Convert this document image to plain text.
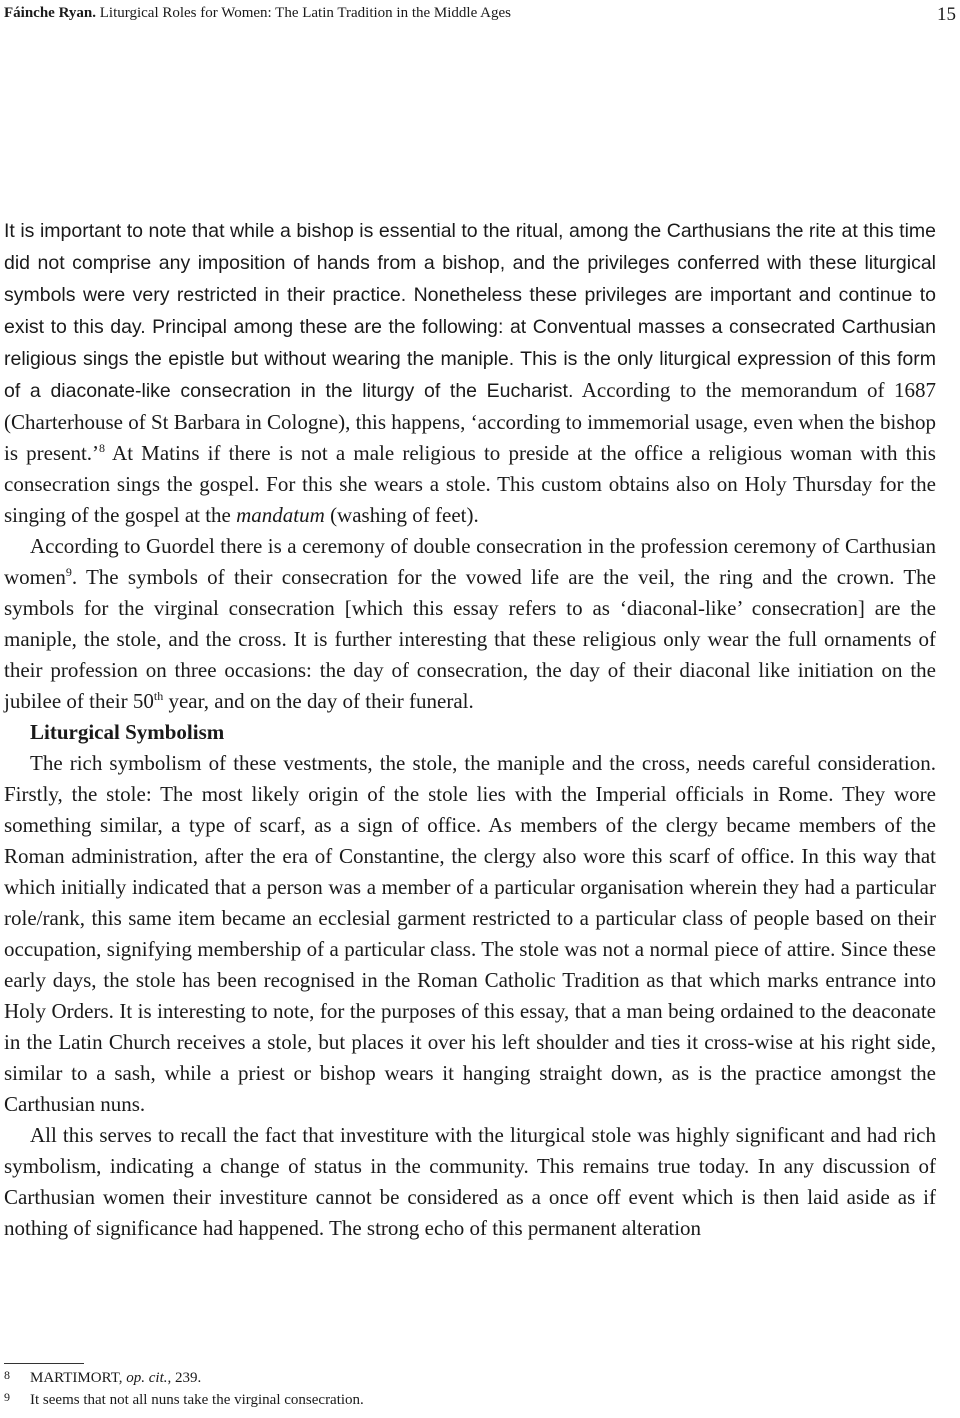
Fáinche Ryan. Liturgical Roles for Women: The Latin Tradition in the Middle Ages	15

It is important to note that while a bishop is essential to the ritual, among the Carthusians the rite at this time did not comprise any imposition of hands from a bishop, and the privileges conferred with these liturgical symbols were very restricted in their practice. Nonetheless these privileges are important and continue to exist to this day. Principal among these are the following: at Conventual masses a consecrated Carthusian religious sings the epistle but without wearing the maniple. This is the only liturgical expression of this form of a diaconate-like consecration in the liturgy of the Eucharist. According to the memorandum of 1687 (Charterhouse of St Barbara in Cologne), this happens, ‘according to immemorial usage, even when the bishop is present.’$^8$ At Matins if there is not a male religious to preside at the office a religious woman with this consecration sings the gospel. For this she wears a stole. This custom obtains also on Holy Thursday for the singing of the gospel at the mandatum (washing of feet).

According to Guordel there is a ceremony of double consecration in the profession ceremony of Carthusian women$^9$. The symbols of their consecration for the vowed life are the veil, the ring and the crown. The symbols for the virginal consecration [which this essay refers to as ‘diaconal-like’ consecration] are the maniple, the stole, and the cross. It is further interesting that these religious only wear the full ornaments of their profession on three occasions: the day of consecration, the day of their diaconal like initiation on the jubilee of their 50th year, and on the day of their funeral.

Liturgical Symbolism

The rich symbolism of these vestments, the stole, the maniple and the cross, needs careful consideration. Firstly, the stole: The most likely origin of the stole lies with the Imperial officials in Rome. They wore something similar, a type of scarf, as a sign of office. As members of the clergy became members of the Roman administration, after the era of Constantine, the clergy also wore this scarf of office. In this way that which initially indicated that a person was a member of a particular organisation wherein they had a particular role/rank, this same item became an ecclesial garment restricted to a particular class of people based on their occupation, signifying membership of a particular class. The stole was not a normal piece of attire. Since these early days, the stole has been recognised in the Roman Catholic Tradition as that which marks entrance into Holy Orders. It is interesting to note, for the purposes of this essay, that a man being ordained to the deaconate in the Latin Church receives a stole, but places it over his left shoulder and ties it cross-wise at his right side, similar to a sash, while a priest or bishop wears it hanging straight down, as is the practice amongst the Carthusian nuns.

All this serves to recall the fact that investiture with the liturgical stole was highly significant and had rich symbolism, indicating a change of status in the community. This remains true today. In any discussion of Carthusian women their investiture cannot be considered as a once off event which is then laid aside as if nothing of significance had happened. The strong echo of this permanent alteration

8 MARTIMORT, op. cit., 239.
9 It seems that not all nuns take the virginal consecration.
